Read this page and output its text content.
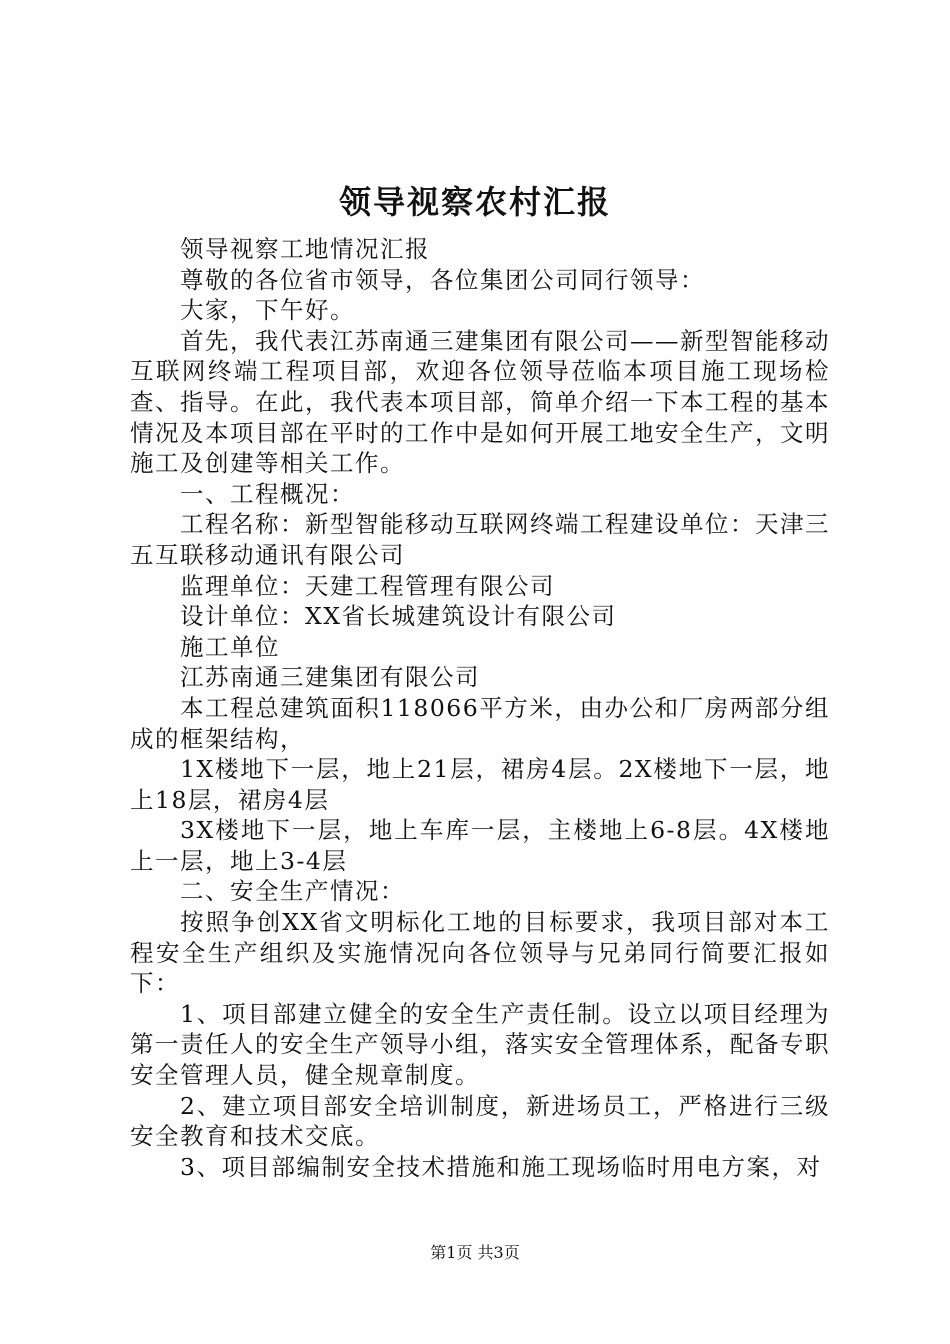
领导视察农村汇报

领导视察工地情况汇报

尊敬的各位省市领导，各位集团公司同行领导：

大家，下午好。

首先，我代表江苏南通三建集团有限公司——新型智能移动互联网终端工程项目部，欢迎各位领导莅临本项目施工现场检查、指导。在此，我代表本项目部，简单介绍一下本工程的基本情况及本项目部在平时的工作中是如何开展工地安全生产，文明施工及创建等相关工作。

一、工程概况：

工程名称：新型智能移动互联网终端工程建设单位：天津三五互联移动通讯有限公司

监理单位：天建工程管理有限公司

设计单位：XX省长城建筑设计有限公司

施工单位

江苏南通三建集团有限公司

本工程总建筑面积118066平方米，由办公和厂房两部分组成的框架结构，

1X楼地下一层，地上21层，裙房4层。2X楼地下一层，地上18层，裙房4层

3X楼地下一层，地上车库一层，主楼地上6-8层。4X楼地上一层，地上3-4层

二、安全生产情况：

按照争创XX省文明标化工地的目标要求，我项目部对本工程安全生产组织及实施情况向各位领导与兄弟同行简要汇报如下：

1、项目部建立健全的安全生产责任制。设立以项目经理为第一责任人的安全生产领导小组，落实安全管理体系，配备专职安全管理人员，健全规章制度。

2、建立项目部安全培训制度，新进场员工，严格进行三级安全教育和技术交底。

3、项目部编制安全技术措施和施工现场临时用电方案，对

第1页 共3页
